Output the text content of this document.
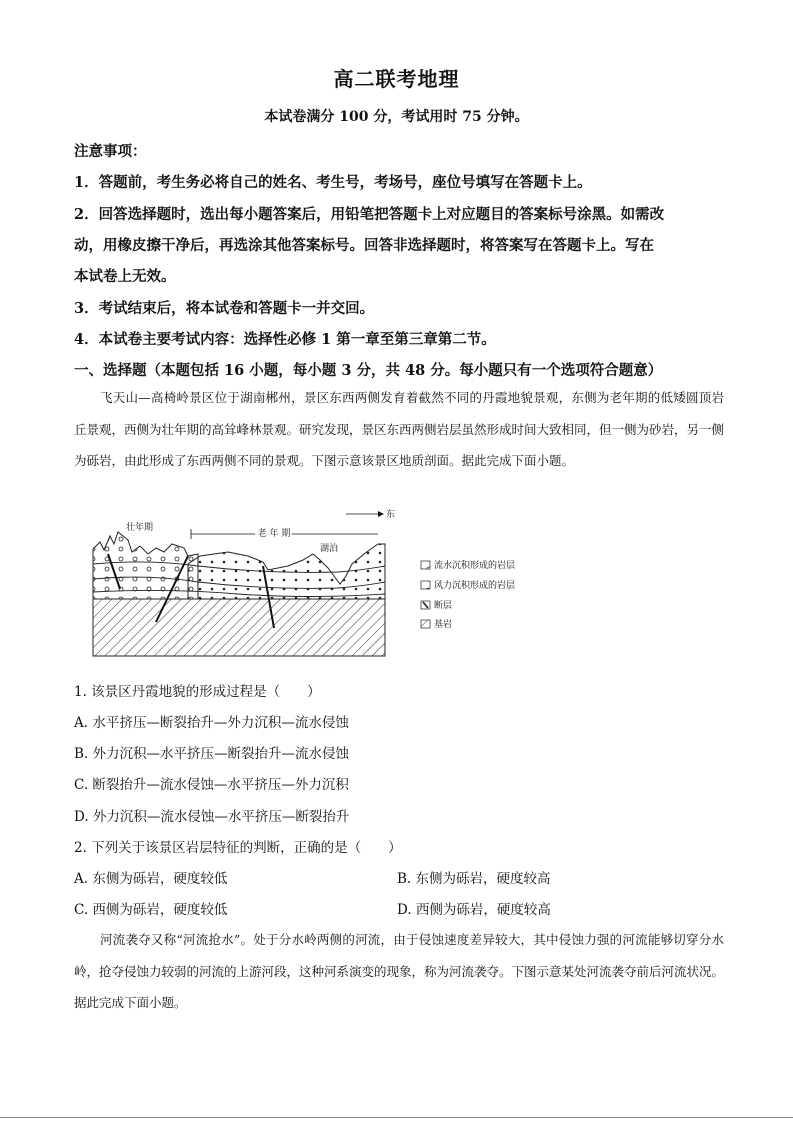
高二联考地理
本试卷满分 100 分，考试用时 75 分钟。
注意事项：
1．答题前，考生务必将自己的姓名、考生号，考场号，座位号填写在答题卡上。
2．回答选择题时，选出每小题答案后，用铅笔把答题卡上对应题目的答案标号涂黑。如需改
动，用橡皮擦干净后，再选涂其他答案标号。回答非选择题时，将答案写在答题卡上。写在
本试卷上无效。
3．考试结束后，将本试卷和答题卡一并交回。
4．本试卷主要考试内容：选择性必修 1 第一章至第三章第二节。
一、选择题（本题包括 16 小题，每小题 3 分，共 48 分。每小题只有一个选项符合题意）
飞天山—高椅岭景区位于湖南郴州，景区东西两侧发育着截然不同的丹霞地貌景观，东侧为老年期的低矮圆顶岩丘景观，西侧为壮年期的高耸峰林景观。研究发现，景区东西两侧岩层虽然形成时间大致相同，但一侧为砂岩，另一侧为砾岩，由此形成了东西两侧不同的景观。下图示意该景区地质剖面。据此完成下面小题。
壮年期
老 年 期
东
湖泊
流水沉积形成的岩层
风力沉积形成的岩层
断层
基岩
1. 该景区丹霞地貌的形成过程是（　　）
A. 水平挤压—断裂抬升—外力沉积—流水侵蚀
B. 外力沉积—水平挤压—断裂抬升—流水侵蚀
C. 断裂抬升—流水侵蚀—水平挤压—外力沉积
D. 外力沉积—流水侵蚀—水平挤压—断裂抬升
2. 下列关于该景区岩层特征的判断，正确的是（　　）
A. 东侧为砾岩，硬度较低	B. 东侧为砾岩，硬度较高
C. 西侧为砾岩，硬度较低	D. 西侧为砾岩，硬度较高
河流袭夺又称“河流抢水”。处于分水岭两侧的河流，由于侵蚀速度差异较大，其中侵蚀力强的河流能够切穿分水岭，抢夺侵蚀力较弱的河流的上游河段，这种河系演变的现象，称为河流袭夺。下图示意某处河流袭夺前后河流状况。据此完成下面小题。
